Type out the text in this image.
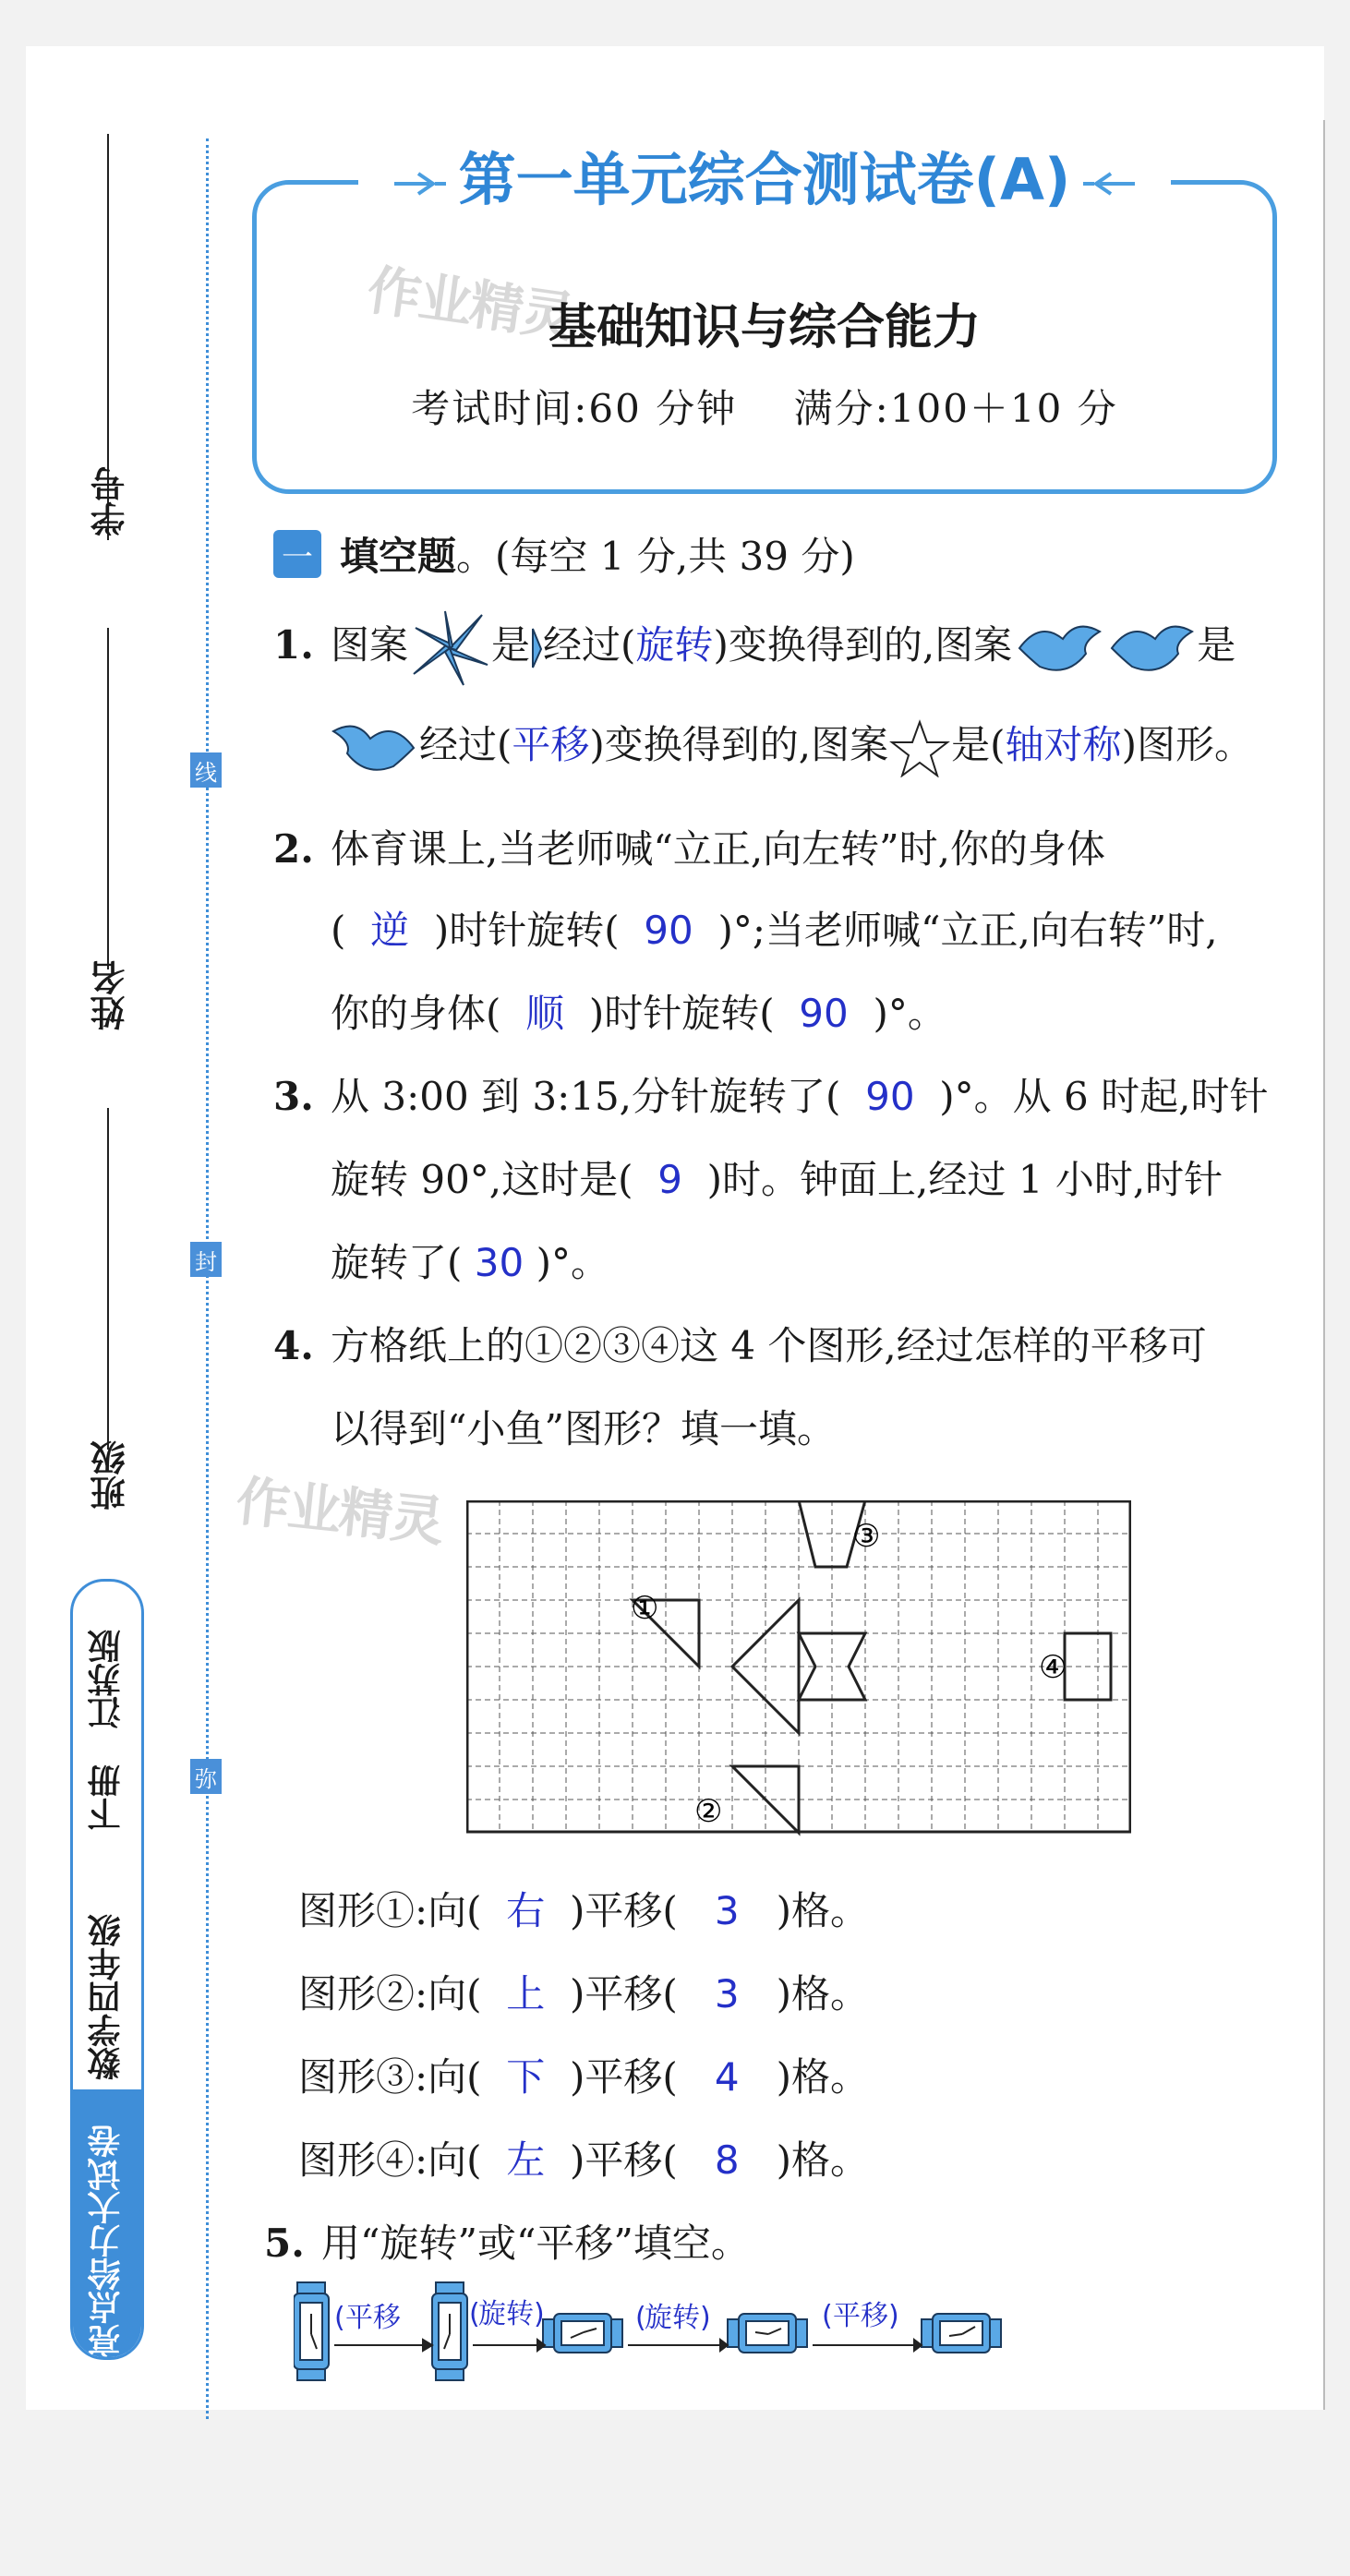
学号
姓名
班级
江苏版
下册
数学四年级
亮点给力大试卷
线
封
弥
第一单元综合测试卷(A)
作业精灵
基础知识与综合能力
考试时间:60 分钟 满分:100＋10 分
一 填空题 。(每空 1 分,共 39 分)
1. 图案 是 经过(旋转)变换得到的,图案	是
经过(平移)变换得到的,图案 是(轴对称)图形。
2. 体育课上,当老师喊“立正,向左转”时,你的身体
( 逆 )时针旋转( 90 )°;当老师喊“立正,向右转”时,
你的身体( 顺 )时针旋转( 90 )°。
3. 从 3:00 到 3:15,分针旋转了( 90 )°。从 6 时起,时针
旋转 90°,这时是( 9 )时。钟面上,经过 1 小时,时针
旋转了( 30 )°。
4. 方格纸上的①②③④这 4 个图形,经过怎样的平移可
以得到“小鱼”图形？填一填。
作业精灵
①
②
③
④
图形①:向( 右 )平移( 3 )格。
图形②:向( 上 )平移( 3 )格。
图形③:向( 下 )平移( 4 )格。
图形④:向( 左 )平移( 8 )格。
5. 用“旋转”或“平移”填空。
( 平移 (
旋转 )	(
旋转 )	( 平移 )
